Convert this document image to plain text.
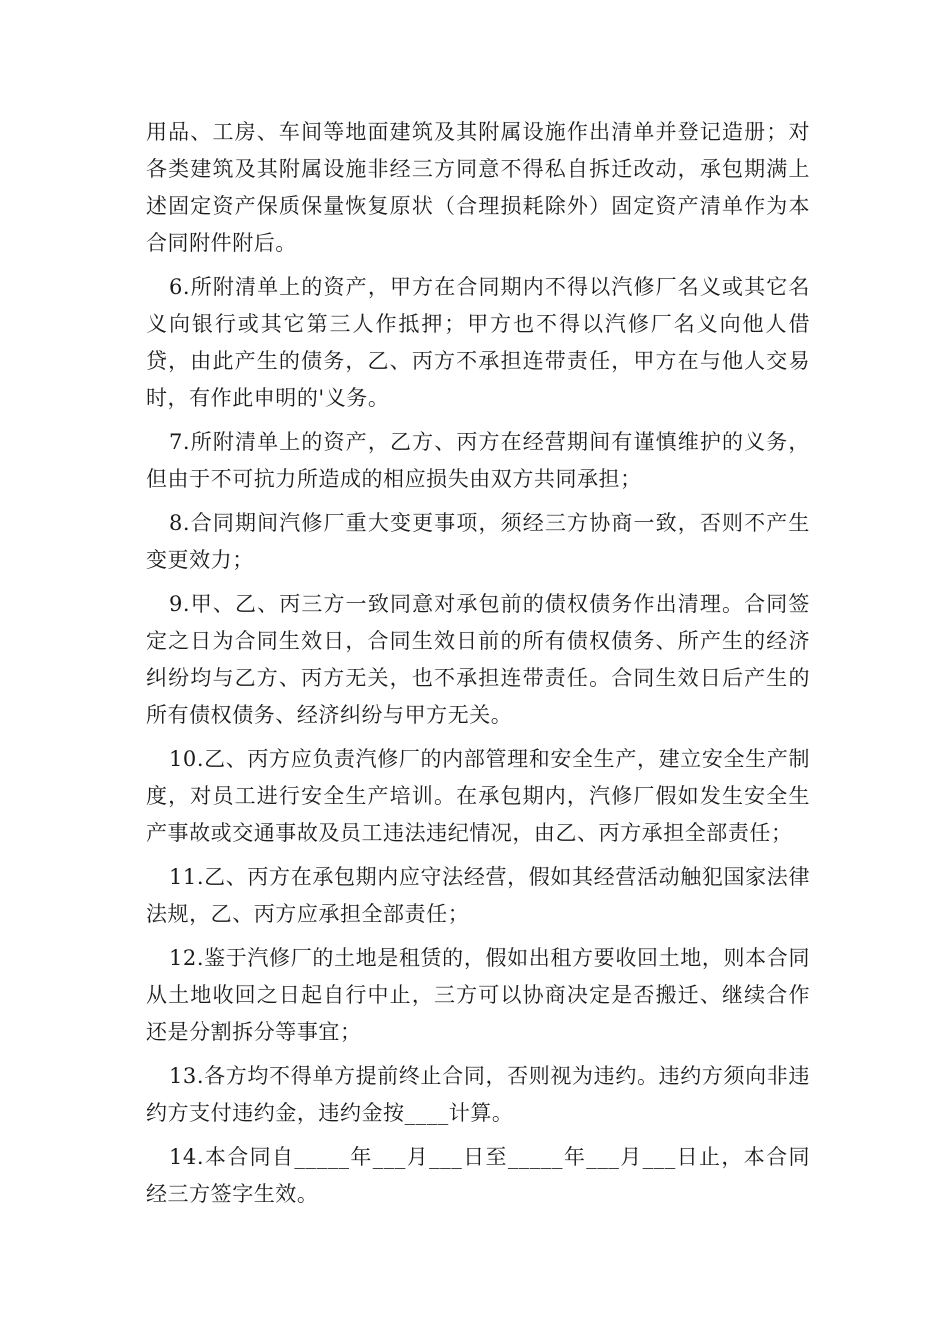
用品、工房、车间等地面建筑及其附属设施作出清单并登记造册；对各类建筑及其附属设施非经三方同意不得私自拆迁改动，承包期满上述固定资产保质保量恢复原状（合理损耗除外）固定资产清单作为本合同附件附后。

6.所附清单上的资产，甲方在合同期内不得以汽修厂名义或其它名义向银行或其它第三人作抵押；甲方也不得以汽修厂名义向他人借贷，由此产生的债务，乙、丙方不承担连带责任，甲方在与他人交易时，有作此申明的'义务。

7.所附清单上的资产，乙方、丙方在经营期间有谨慎维护的义务，但由于不可抗力所造成的相应损失由双方共同承担；

8.合同期间汽修厂重大变更事项，须经三方协商一致，否则不产生变更效力；

9.甲、乙、丙三方一致同意对承包前的债权债务作出清理。合同签定之日为合同生效日，合同生效日前的所有债权债务、所产生的经济纠纷均与乙方、丙方无关，也不承担连带责任。合同生效日后产生的所有债权债务、经济纠纷与甲方无关。

10.乙、丙方应负责汽修厂的内部管理和安全生产，建立安全生产制度，对员工进行安全生产培训。在承包期内，汽修厂假如发生安全生产事故或交通事故及员工违法违纪情况，由乙、丙方承担全部责任；

11.乙、丙方在承包期内应守法经营，假如其经营活动触犯国家法律法规，乙、丙方应承担全部责任；

12.鉴于汽修厂的土地是租赁的，假如出租方要收回土地，则本合同从土地收回之日起自行中止，三方可以协商决定是否搬迁、继续合作还是分割拆分等事宜；

13.各方均不得单方提前终止合同，否则视为违约。违约方须向非违约方支付违约金，违约金按____计算。

14.本合同自_____年___月___日至_____年___月___日止，本合同经三方签字生效。
